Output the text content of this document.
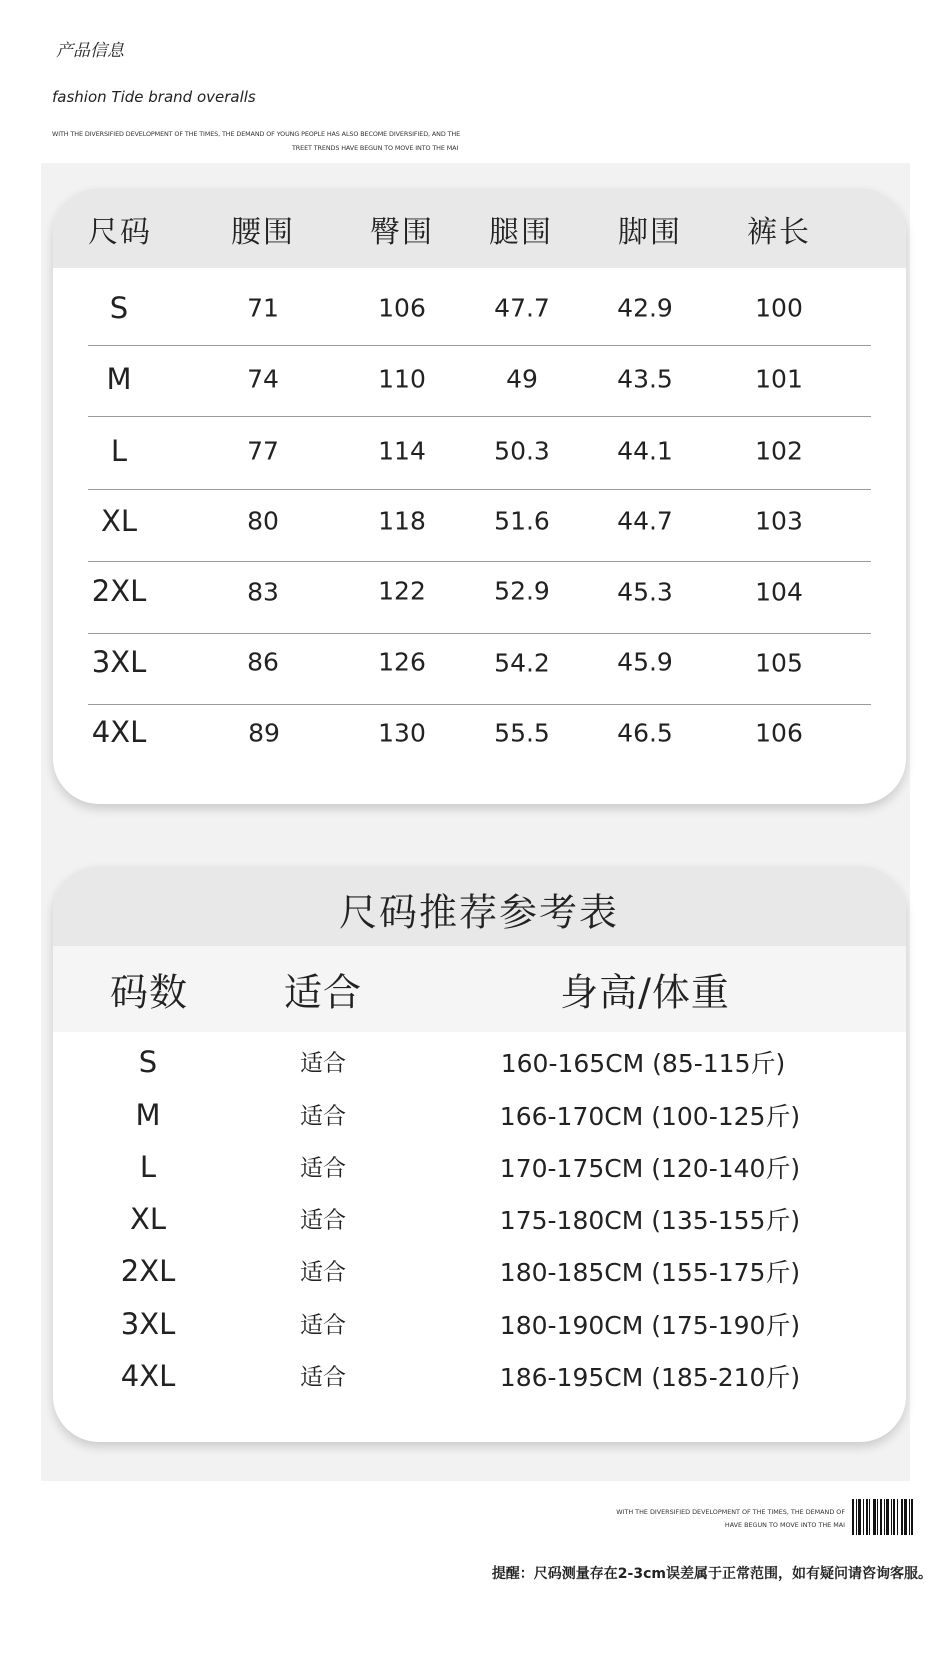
产品信息
fashion Tide brand overalls
WITH THE DIVERSIFIED DEVELOPMENT OF THE TIMES, THE DEMAND OF YOUNG PEOPLE HAS ALSO BECOME DIVERSIFIED, AND THE
TREET TRENDS HAVE BEGUN TO MOVE INTO THE MAI
尺码	腰围	臀围 腿围 脚围 裤长
S	71	106	47.7	42.9	100
M	74	110	49	43.5	101
L	77	114	50.3	44.1	102
XL	80	118	51.6	44.7	103
2XL	83	122	52.9	45.3	104
3XL	86	126	54.2	45.9	105
4XL	89	130	55.5	46.5	106
尺码推荐参考表
码数	适合	身高/体重
S	适合	160-165CM (85-115斤)
M	适合	166-170CM (100-125斤)
L	适合	170-175CM (120-140斤)
XL	适合	175-180CM (135-155斤)
2XL	适合	180-185CM (155-175斤)
3XL	适合	180-190CM (175-190斤)
4XL	适合	186-195CM (185-210斤)
WITH THE DIVERSIFIED DEVELOPMENT OF THE TIMES, THE DEMAND OF
HAVE BEGUN TO MOVE INTO THE MAI
提醒：尺码测量存在2-3cm误差属于正常范围，如有疑问请咨询客服。
